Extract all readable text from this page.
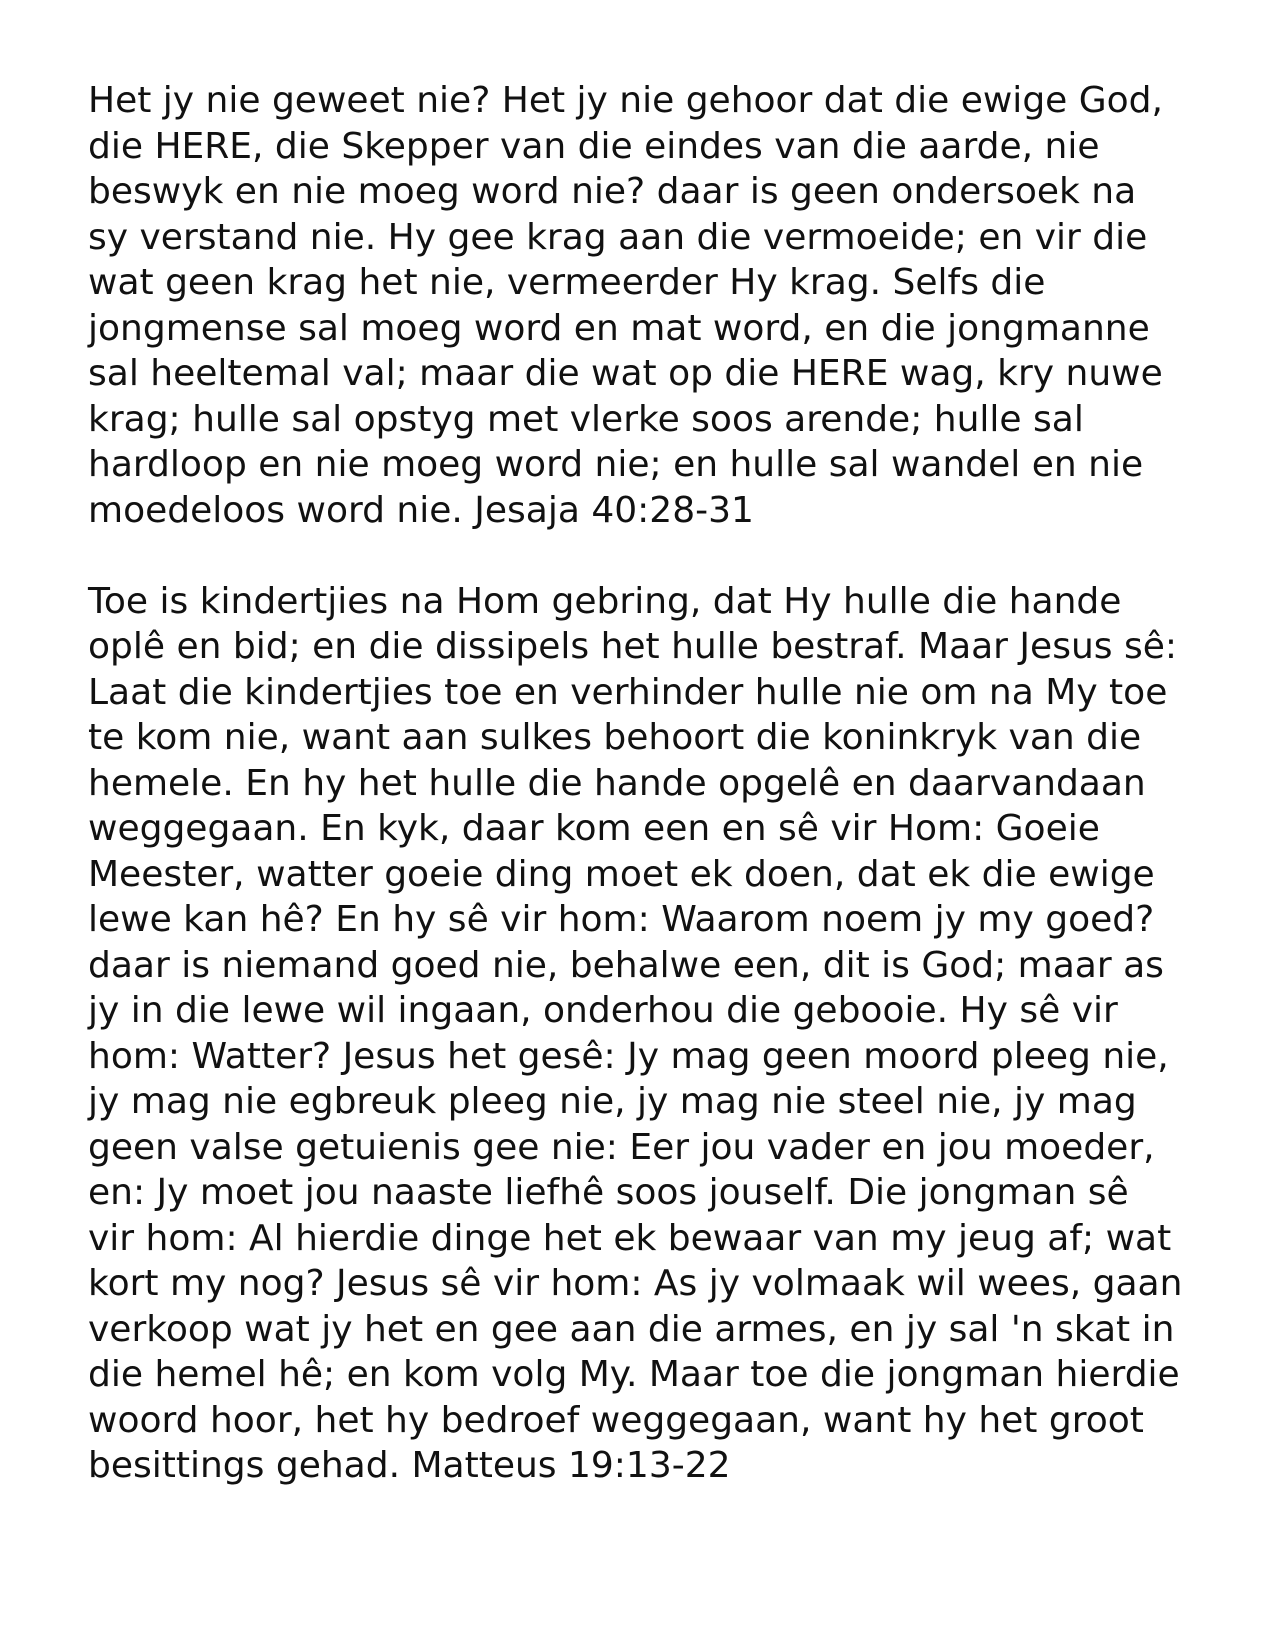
Het jy nie geweet nie? Het jy nie gehoor dat die ewige God,
die HERE, die Skepper van die eindes van die aarde, nie
beswyk en nie moeg word nie? daar is geen ondersoek na
sy verstand nie. Hy gee krag aan die vermoeide; en vir die
wat geen krag het nie, vermeerder Hy krag. Selfs die
jongmense sal moeg word en mat word, en die jongmanne
sal heeltemal val; maar die wat op die HERE wag, kry nuwe
krag; hulle sal opstyg met vlerke soos arende; hulle sal
hardloop en nie moeg word nie; en hulle sal wandel en nie
moedeloos word nie. Jesaja 40:28-31

Toe is kindertjies na Hom gebring, dat Hy hulle die hande
oplê en bid; en die dissipels het hulle bestraf. Maar Jesus sê:
Laat die kindertjies toe en verhinder hulle nie om na My toe
te kom nie, want aan sulkes behoort die koninkryk van die
hemele. En hy het hulle die hande opgelê en daarvandaan
weggegaan. En kyk, daar kom een en sê vir Hom: Goeie
Meester, watter goeie ding moet ek doen, dat ek die ewige
lewe kan hê? En hy sê vir hom: Waarom noem jy my goed?
daar is niemand goed nie, behalwe een, dit is God; maar as
jy in die lewe wil ingaan, onderhou die gebooie. Hy sê vir
hom: Watter? Jesus het gesê: Jy mag geen moord pleeg nie,
jy mag nie egbreuk pleeg nie, jy mag nie steel nie, jy mag
geen valse getuienis gee nie: Eer jou vader en jou moeder,
en: Jy moet jou naaste liefhê soos jouself. Die jongman sê
vir hom: Al hierdie dinge het ek bewaar van my jeug af; wat
kort my nog? Jesus sê vir hom: As jy volmaak wil wees, gaan
verkoop wat jy het en gee aan die armes, en jy sal 'n skat in
die hemel hê; en kom volg My. Maar toe die jongman hierdie
woord hoor, het hy bedroef weggegaan, want hy het groot
besittings gehad. Matteus 19:13-22
